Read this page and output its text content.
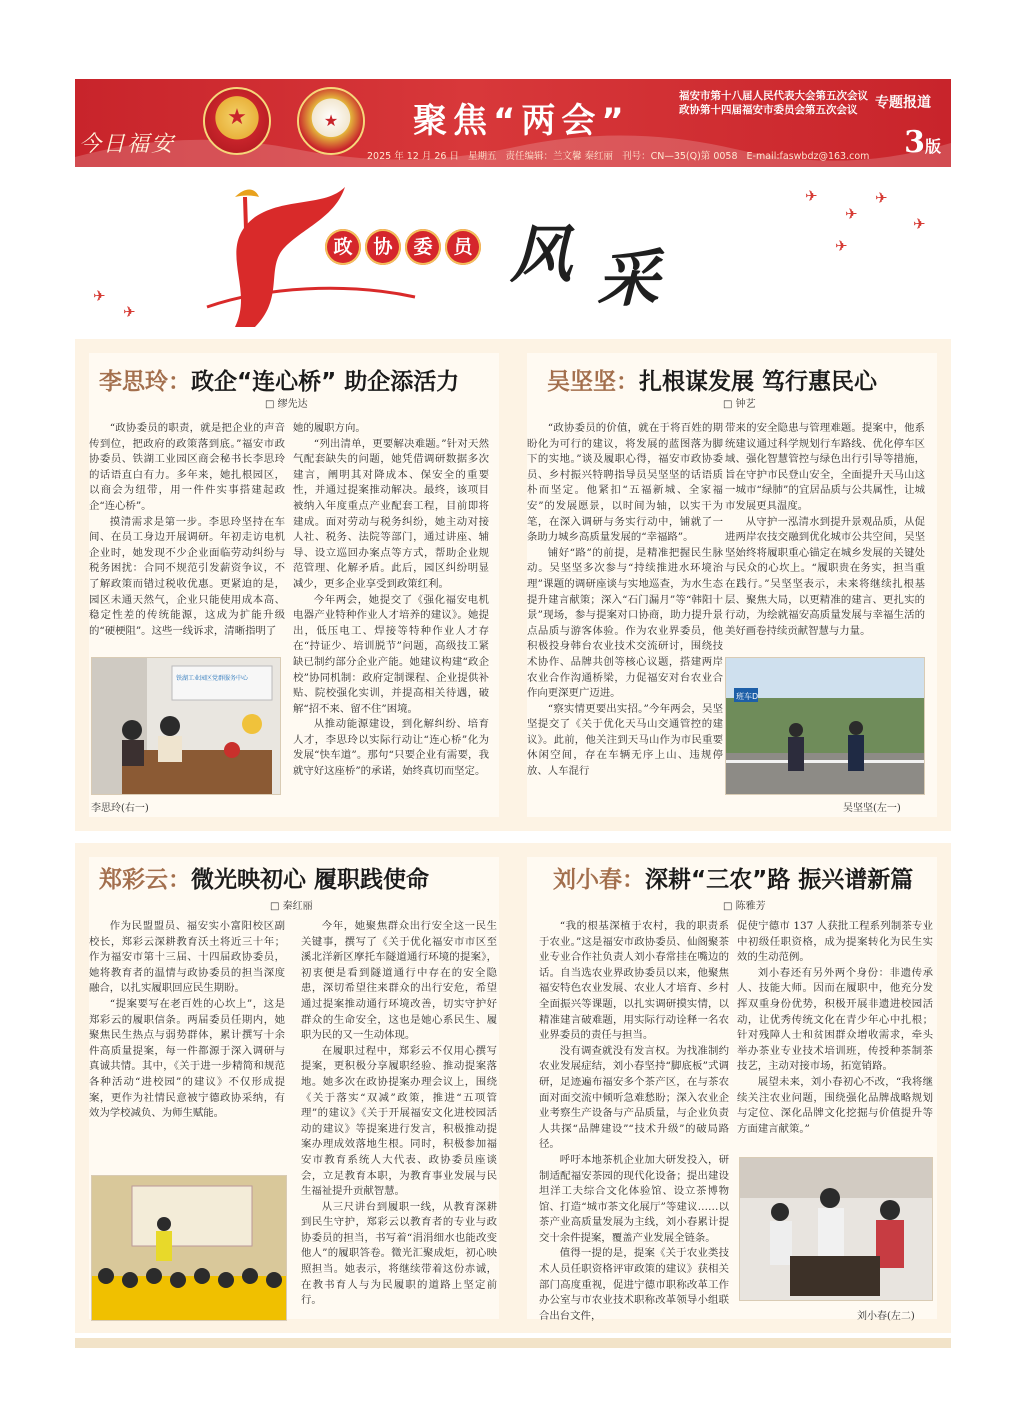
今日福安
★	★	聚焦“两会”
福安市第十八届人民代表大会第五次会议
政协第十四届福安市委员会第五次会议	专题报道
2025 年 12 月 26 日 星期五 责任编辑：兰文馨 秦红丽 刊号：CN—35(Q)第 0058 E-mail:faswbdz@163.com 3版
政	协	委	员 风 采
✈
✈
✈
✈
✈
✈
✈
李思玲：政企“连心桥” 助企添活力
□ 缪先达

“政协委员的职责，就是把企业的声音传到位，把政府的政策落到底。”福安市政协委员、铁湖工业园区商会秘书长李思玲的话语直白有力。多年来，她扎根园区，以商会为纽带，用一件件实事搭建起政企“连心桥”。

摸清需求是第一步。李思玲坚持在车间、在员工身边开展调研。年初走访电机企业时，她发现不少企业面临劳动纠纷与税务困扰：合同不规范引发薪资争议，不了解政策而错过税收优惠。更紧迫的是，园区未通天然气，企业只能使用成本高、稳定性差的传统能源，这成为扩能升级的“硬梗阻”。这些一线诉求，清晰指明了

她的履职方向。

“列出清单，更要解决难题。”针对天然气配套缺失的问题，她凭借调研数据多次建言，阐明其对降成本、保安全的重要性，并通过提案推动解决。最终，该项目被纳入年度重点产业配套工程，目前即将建成。面对劳动与税务纠纷，她主动对接人社、税务、法院等部门，通过讲座、辅导、设立巡回办案点等方式，帮助企业规范管理、化解矛盾。此后，园区纠纷明显减少，更多企业享受到政策红利。

今年两会，她提交了《强化福安电机电器产业特种作业人才培养的建议》。她提出，低压电工、焊接等特种作业人才存在“持证少、培训脱节”问题，高级技工紧缺已制约部分企业产能。她建议构建“政企校”协同机制：政府定制课程、企业提供补贴、院校强化实训，并提高相关待遇，破解“招不来、留不住”困境。

从推动能源建设，到化解纠纷、培育人才，李思玲以实际行动让“连心桥”化为发展“快车道”。那句“只要企业有需要，我就守好这座桥”的承诺，始终真切而坚定。

铁湖工业园区党群服务中心
李思玲(右一)
吴坚坚：扎根谋发展 笃行惠民心
□ 钟艺

“政协委员的价值，就在于将百姓的期盼化为可行的建议，将发展的蓝图落为脚下的实地。”谈及履职心得，福安市政协委员、乡村振兴特聘指导员吴坚坚的话语质朴而坚定。他紧扣“五福新城、全家福安”的发展愿景，以时间为轴，以实干为笔，在深入调研与务实行动中，铺就了一条助力城乡高质量发展的“幸福路”。

铺好“路”的前提，是精准把握民生脉动。吴坚坚多次参与“持续推进水环境治理”课题的调研座谈与实地巡查，为水生态提升建言献策；深入“石门漏月”等“韩阳十景”现场，参与提案对口协商，助力提升景点品质与游客体验。作为农业界委员，他积极投身韩台农业技术交流研讨，围绕技术协作、品牌共创等核心议题，搭建两岸农业合作沟通桥梁，力促福安对台农业合作向更深更广迈进。

“察实情更要出实招。”今年两会，吴坚坚提交了《关于优化天马山交通管控的建议》。此前，他关注到天马山作为市民重要休闲空间，存在车辆无序上山、违规停放、人车混行

带来的安全隐患与管理难题。提案中，他系统建议通过科学规划行车路线、优化停车区域、强化智慧管控与绿色出行引导等措施，旨在守护市民登山安全，全面提升天马山这一城市“绿肺”的宜居品质与公共属性，让城市发展更具温度。

从守护一泓清水到提升景观品质，从促进两岸农技交融到优化城市公共空间，吴坚坚始终将履职重心锚定在城乡发展的关键处与民众的心坎上。“履职贵在务实，担当重在践行。”吴坚坚表示，未来将继续扎根基层、聚焦大局，以更精准的建言、更扎实的行动，为绘就福安高质量发展与幸福生活的美好画卷持续贡献智慧与力量。

班车D
吴坚坚(左一)
郑彩云：微光映初心 履职践使命
□ 秦红丽

作为民盟盟员、福安实小富阳校区副校长，郑彩云深耕教育沃土将近三十年；作为福安市第十三届、十四届政协委员，她将教育者的温情与政协委员的担当深度融合，以扎实履职回应民生期盼。

“提案要写在老百姓的心坎上”，这是郑彩云的履职信条。两届委员任期内，她聚焦民生热点与弱势群体，累计撰写十余件高质量提案，每一件都源于深入调研与真诚共情。其中，《关于进一步精简和规范各种活动“进校园”的建议》不仅形成提案，更作为社情民意被宁德政协采纳，有效为学校减负、为师生赋能。

今年，她聚焦群众出行安全这一民生关键事，撰写了《关于优化福安市市区至溪北洋新区摩托车隧道通行环境的提案》，初衷便是看到隧道通行中存在的安全隐患，深切希望往来群众的出行安危，希望通过提案推动通行环境改善，切实守护好群众的生命安全，这也是她心系民生、履职为民的又一生动体现。

在履职过程中，郑彩云不仅用心撰写提案，更积极分享履职经验、推动提案落地。她多次在政协提案办理会议上，围绕《关于落实“双减”政策，推进“五项管理”的建议》《关于开展福安文化进校园活动的建议》等提案进行发言，积极推动提案办理成效落地生根。同时，积极参加福安市教育系统人大代表、政协委员座谈会，立足教育本职，为教育事业发展与民生福祉提升贡献智慧。

从三尺讲台到履职一线，从教育深耕到民生守护，郑彩云以教育者的专业与政协委员的担当，书写着“涓涓细水也能改变他人”的履职答卷。微光汇聚成炬，初心映照担当。她表示，将继续带着这份赤诚，在教书育人与为民履职的道路上坚定前行。

刘小春：深耕“三农”路 振兴谱新篇
□ 陈雅芳

“我的根基深植于农村，我的职责系于农业。”这是福安市政协委员、仙阁聚茶业专业合作社负责人刘小春常挂在嘴边的话。自当选农业界政协委员以来，他聚焦福安特色农业发展、农业人才培育、乡村全面振兴等课题，以扎实调研摸实情，以精准建言破难题，用实际行动诠释一名农业界委员的责任与担当。

没有调查就没有发言权。为找准制约农业发展症结，刘小春坚持“脚底板”式调研，足迹遍布福安多个茶产区，在与茶农面对面交流中倾听急难愁盼；深入农业企业考察生产设备与产品质量，与企业负责人共探“品牌建设”“技术升级”的破局路径。

呼吁本地茶机企业加大研发投入，研制适配福安茶园的现代化设备；提出建设坦洋工夫综合文化体验馆、设立茶博物馆、打造“城市茶文化展厅”等建议……以茶产业高质量发展为主线，刘小春累计提交十余件提案，覆盖产业发展全链条。

值得一提的是，提案《关于农业类技术人员任职资格评审政策的建议》获相关部门高度重视，促进宁德市职称改革工作办公室与市农业技术职称改革领导小组联合出台文件，

促使宁德市 137 人获批工程系列制茶专业中初级任职资格，成为提案转化为民生实效的生动范例。

刘小春还有另外两个身份：非遗传承人、技能大师。因而在履职中，他充分发挥双重身份优势，积极开展非遗进校园活动，让优秀传统文化在青少年心中扎根；针对残障人士和贫困群众增收需求，牵头举办茶业专业技术培训班，传授种茶制茶技艺，主动对接市场，拓宽销路。

展望未来，刘小春初心不改，“我将继续关注农业问题，围绕强化品牌战略规划与定位、深化品牌文化挖掘与价值提升等方面建言献策。”

刘小春(左二)
